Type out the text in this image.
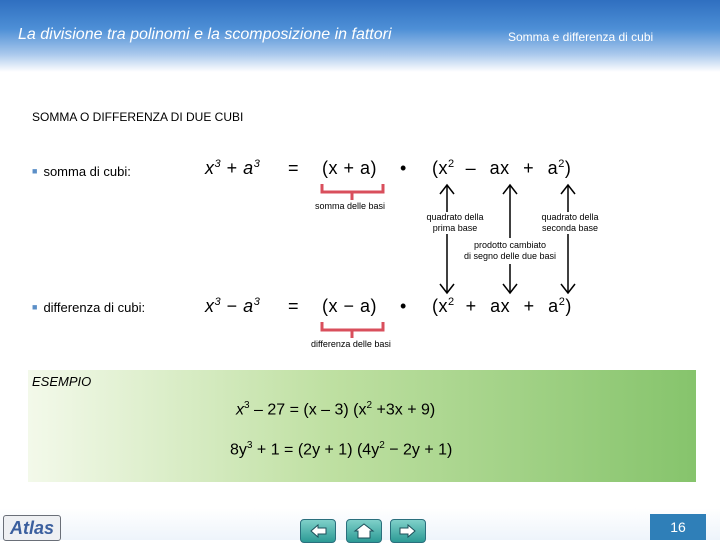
La divisione tra polinomi e la scomposizione in fattori	Somma e differenza di cubi
SOMMA O DIFFERENZA DI DUE CUBI
■ somma di cubi:	$x^3 + a^3 = (x + a)$ • ($x^2$ – ax + $a^2$)
somma delle basi
quadrato della
prima base
quadrato della
seconda base
prodotto cambiato
di segno delle due basi
■ differenza di cubi:	$x^3 - a^3 = (x - a)$ • ($x^2$ + ax + $a^2$)
differenza delle basi
ESEMPIO
$x^3 - 27 = (x - 3)$ $(x^2 +3x + 9)$
$8y^3 + 1 = (2y + 1) (4y^2 - 2y + 1)$
Atlas	16
